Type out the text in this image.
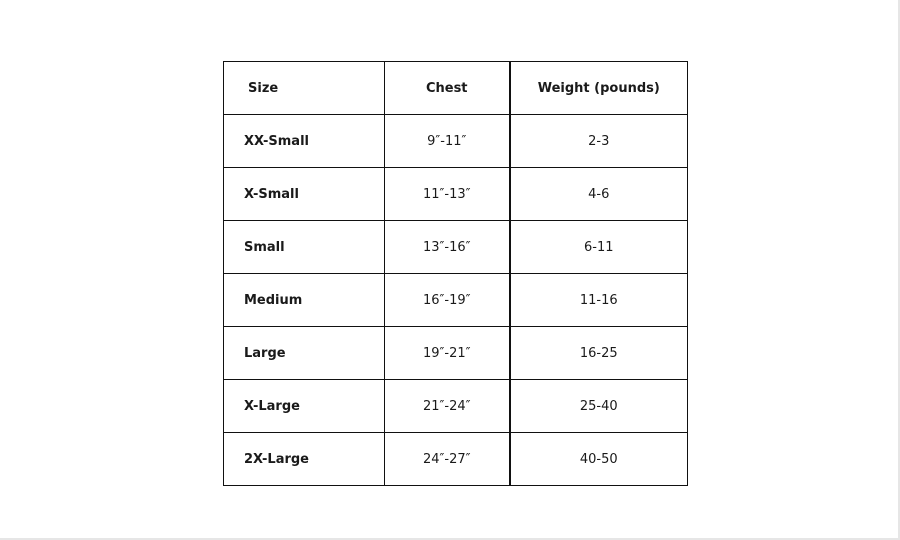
Size	Chest	Weight (pounds)
XX-Small	9″-11″	2-3
X-Small	11″-13″	4-6
Small	13″-16″	6-11
Medium	16″-19″	11-16
Large	19″-21″	16-25
X-Large	21″-24″	25-40
2X-Large	24″-27″	40-50
